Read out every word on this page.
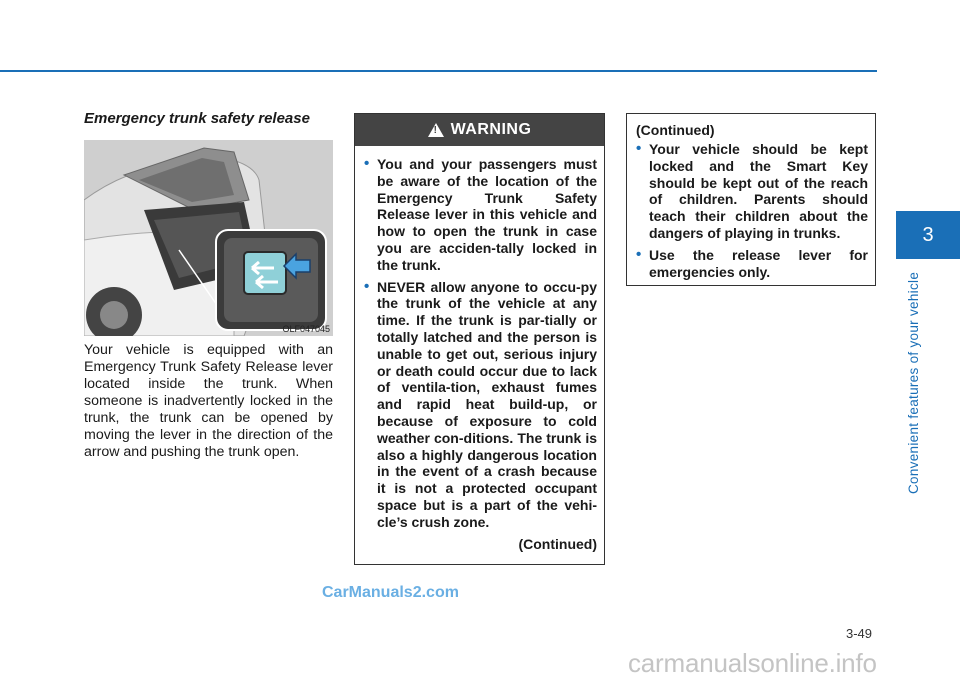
Emergency trunk safety release
OLF047045

Your vehicle is equipped with an Emergency Trunk Safety Release lever located inside the trunk. When someone is inadvertently locked in the trunk, the trunk can be opened by moving the lever in the direction of the arrow and pushing the trunk open.

! WARNING
• You and your passengers must be aware of the location of the Emergency Trunk Safety Release lever in this vehicle and how to open the trunk in case you are acciden-tally locked in the trunk.
• NEVER allow anyone to occu-py the trunk of the vehicle at any time. If the trunk is par-tially or totally latched and the person is unable to get out, serious injury or death could occur due to lack of ventila-tion, exhaust fumes and rapid heat build-up, or because of exposure to cold weather con-ditions. The trunk is also a highly dangerous location in the event of a crash because it is not a protected occupant space but is a part of the vehi-cle’s crush zone.
(Continued)
(Continued)
• Your vehicle should be kept locked and the Smart Key should be kept out of the reach of children. Parents should teach their children about the dangers of playing in trunks.
• Use the release lever for emergencies only.
3
Convenient features of your vehicle
3-49
CarManuals2.com
carmanualsonline.info
